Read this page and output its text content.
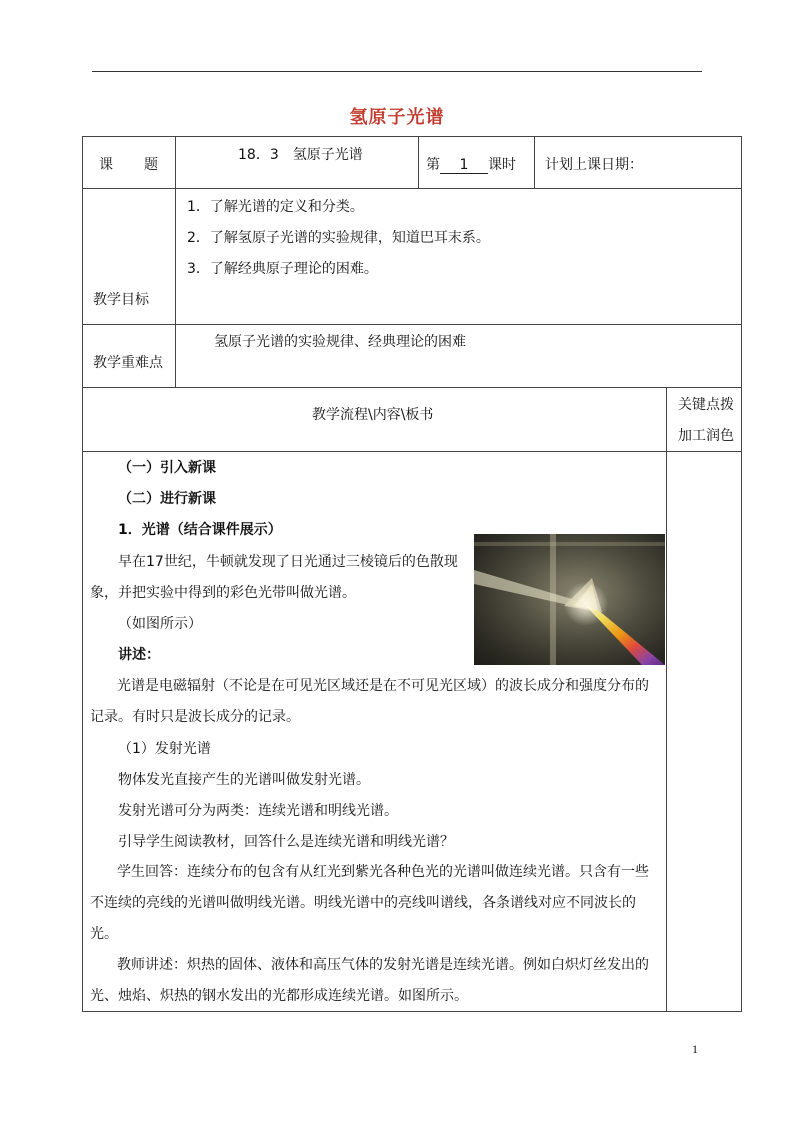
氢原子光谱
课　　题
18．3　氢原子光谱
第 1 课时 计划上课日期：
教学目标
1．了解光谱的定义和分类。
2．了解氢原子光谱的实验规律，知道巴耳末系。
3．了解经典原子理论的困难。
教学重难点
氢原子光谱的实验规律、经典理论的困难
教学流程\内容\板书
关键点拨
加工润色
（一）引入新课
（二）进行新课
1．光谱（结合课件展示）
早在17世纪，牛顿就发现了日光通过三棱镜后的色散现
象，并把实验中得到的彩色光带叫做光谱。
（如图所示）
讲述：

光谱是电磁辐射（不论是在可见光区域还是在不可见光区域）的波长成分和强度分布的记录。有时只是波长成分的记录。

（1）发射光谱
物体发光直接产生的光谱叫做发射光谱。
发射光谱可分为两类：连续光谱和明线光谱。
引导学生阅读教材，回答什么是连续光谱和明线光谱？

学生回答：连续分布的包含有从红光到紫光各种色光的光谱叫做连续光谱。只含有一些不连续的亮线的光谱叫做明线光谱。明线光谱中的亮线叫谱线，各条谱线对应不同波长的光。

教师讲述：炽热的固体、液体和高压气体的发射光谱是连续光谱。例如白炽灯丝发出的光、烛焰、炽热的钢水发出的光都形成连续光谱。如图所示。

1
